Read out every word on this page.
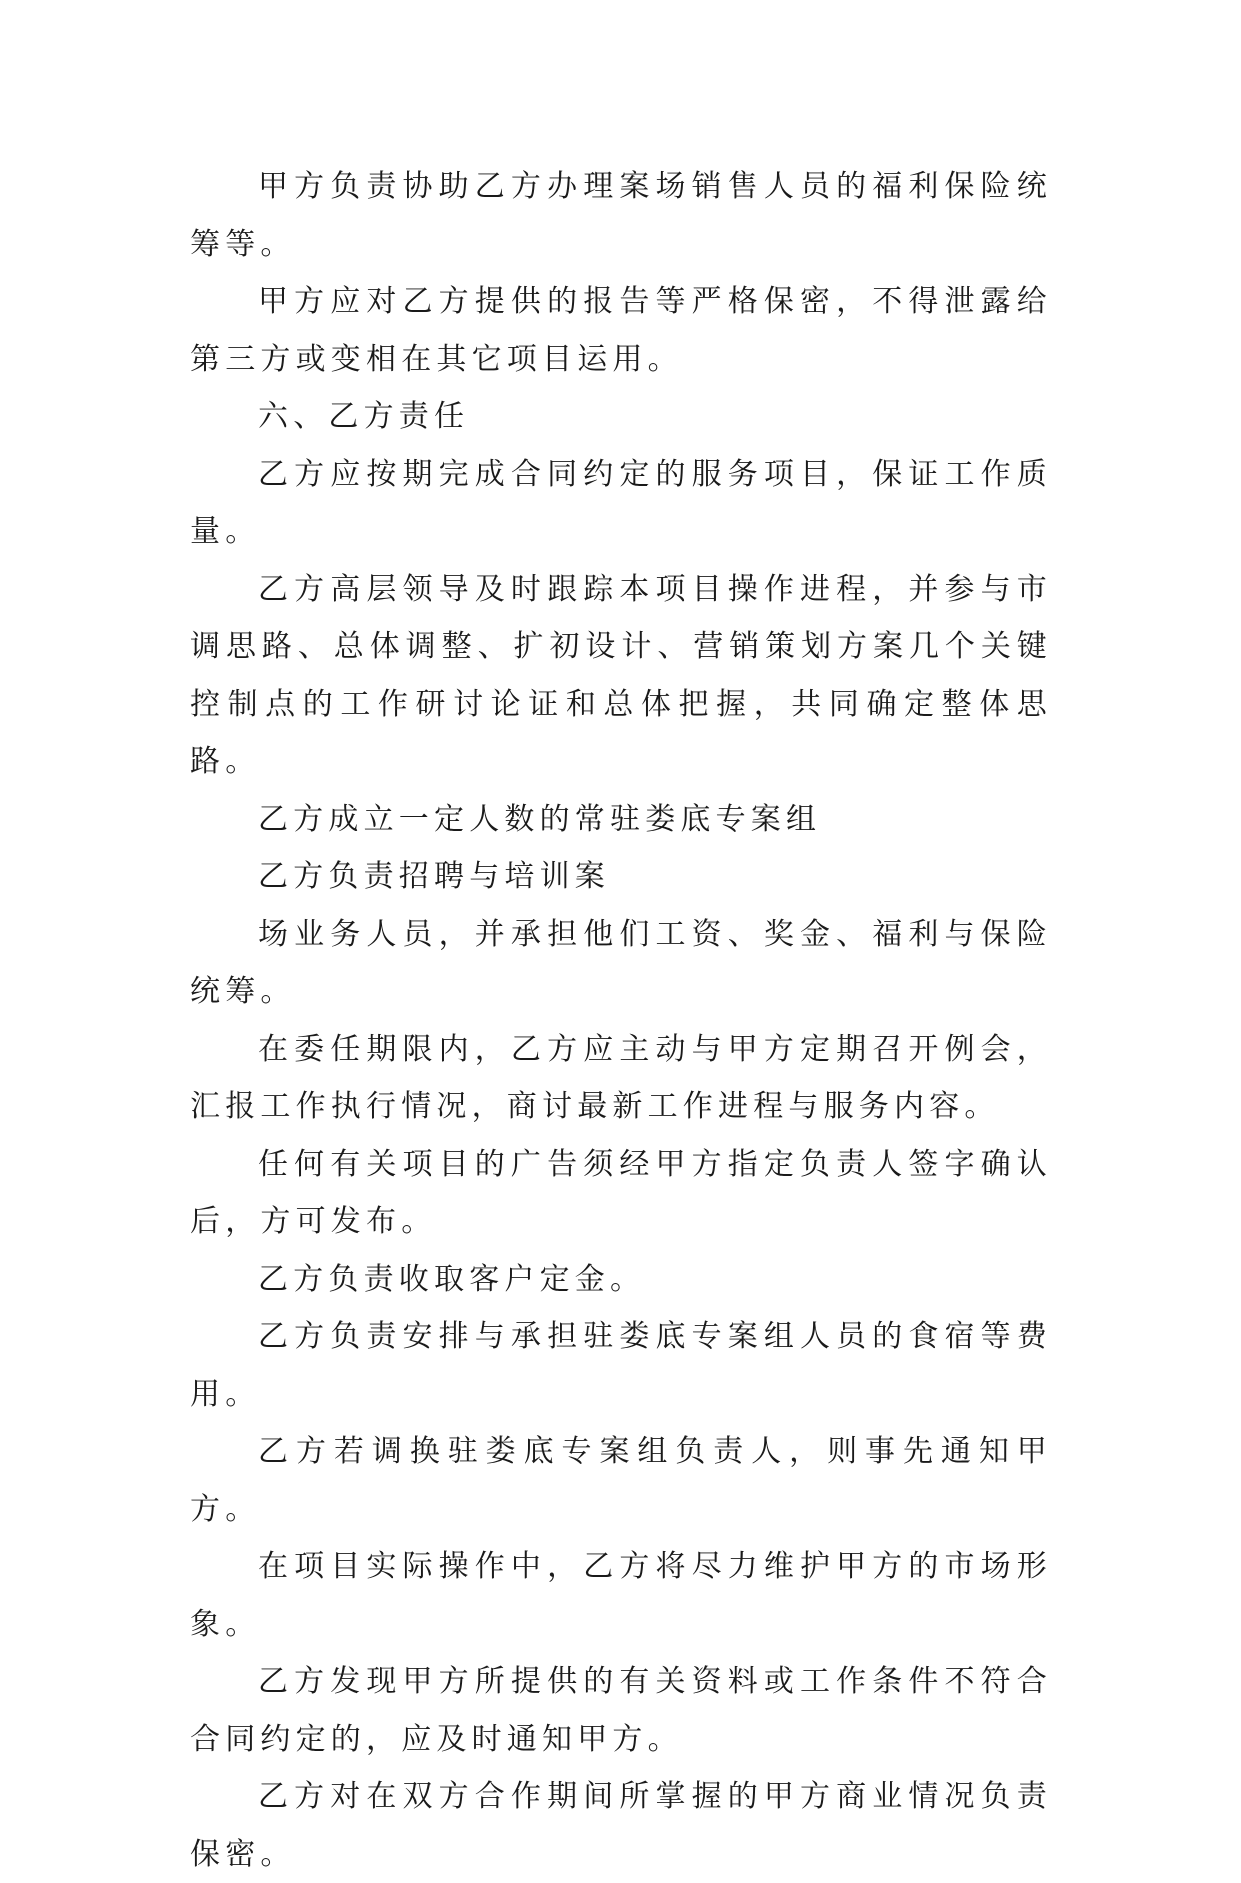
甲方负责协助乙方办理案场销售人员的福利保险统筹等。

甲方应对乙方提供的报告等严格保密，不得泄露给第三方或变相在其它项目运用。

六、乙方责任

乙方应按期完成合同约定的服务项目，保证工作质量。

乙方高层领导及时跟踪本项目操作进程，并参与市调思路、总体调整、扩初设计、营销策划方案几个关键控制点的工作研讨论证和总体把握，共同确定整体思路。

乙方成立一定人数的常驻娄底专案组

乙方负责招聘与培训案

场业务人员，并承担他们工资、奖金、福利与保险统筹。

在委任期限内，乙方应主动与甲方定期召开例会，汇报工作执行情况，商讨最新工作进程与服务内容。

任何有关项目的广告须经甲方指定负责人签字确认后，方可发布。

乙方负责收取客户定金。

乙方负责安排与承担驻娄底专案组人员的食宿等费用。

乙方若调换驻娄底专案组负责人，则事先通知甲方。

在项目实际操作中，乙方将尽力维护甲方的市场形象。

乙方发现甲方所提供的有关资料或工作条件不符合合同约定的，应及时通知甲方。

乙方对在双方合作期间所掌握的甲方商业情况负责保密。
